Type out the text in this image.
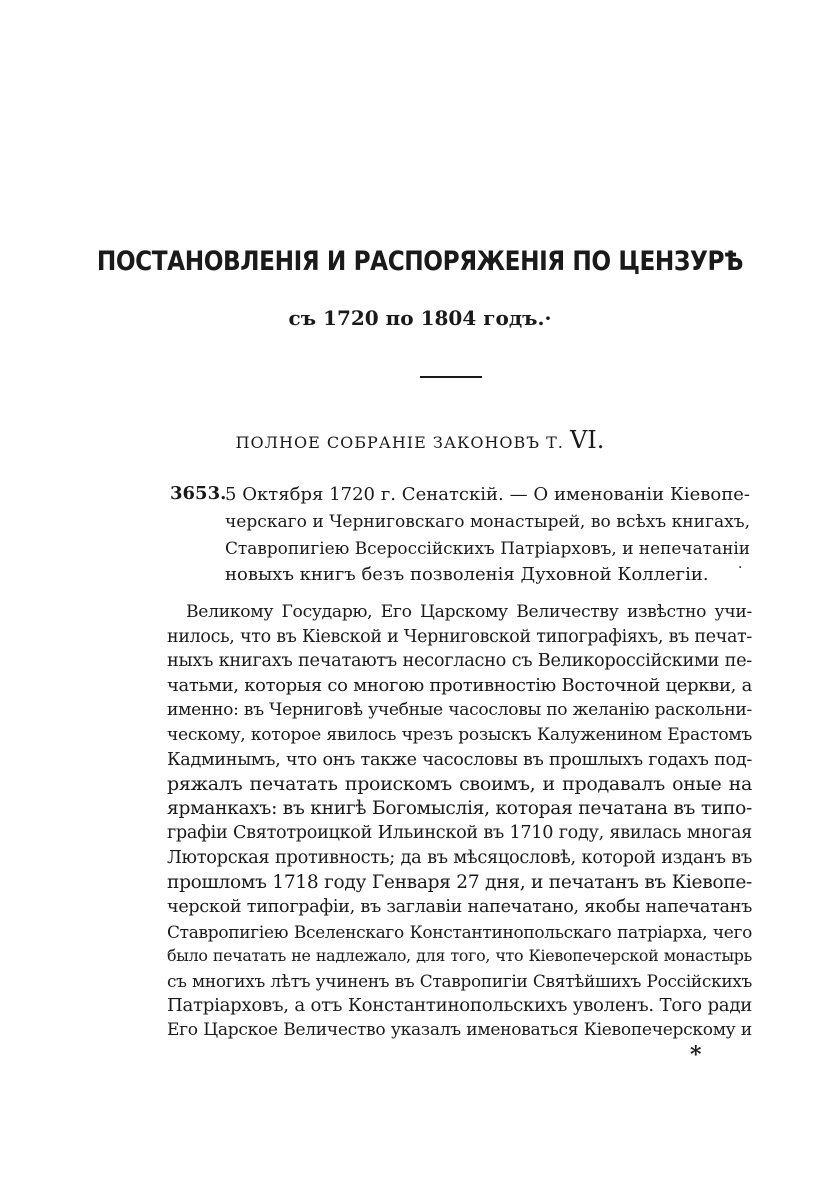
ПОСТАНОВЛЕНІЯ И РАСПОРЯЖЕНІЯ ПО ЦЕНЗУРѢ
съ 1720 по 1804 годъ.·
ПОЛНОЕ СОБРАНІЕ ЗАКОНОВЪ Т. VI.
3653.
5 Октября 1720 г. Сенатскій. — О именованіи Кіевопе-
черскаго и Черниговскаго монастырей, во всѣхъ книгахъ,
Ставропигіею Всероссійскихъ Патріарховъ, и непечатаніи
новыхъ книгъ безъ позволенія Духовной Коллегіи.	·
Великому Государю, Его Царскому Величеству извѣстно учи-
нилось, что въ Кіевской и Черниговской типографіяхъ, въ печат-
ныхъ книгахъ печатаютъ несогласно съ Великороссійскими пе-
чатьми, которыя со многою противностію Восточной церкви, а
именно: въ Черниговѣ учебные часословы по желанію раскольни-
ческому, которое явилось чрезъ розыскъ Калуженином Ерастомъ
Кадминымъ, что онъ также часословы въ прошлыхъ годахъ под-
ряжалъ печатать проискомъ своимъ, и продавалъ оные на
ярманкахъ: въ книгѣ Богомыслія, которая печатана въ типо-
графіи Святотроицкой Ильинской въ 1710 году, явилась многая
Люторская противность; да въ мѣсяцословѣ, которой изданъ въ
прошломъ 1718 году Генваря 27 дня, и печатанъ въ Кіевопе-
черской типографіи, въ заглавіи напечатано, якобы напечатанъ
Ставропигіею Вселенскаго Константинопольскаго патріарха, чего
было печатать не надлежало, для того, что Кіевопечерской монастырь
съ многихъ лѣтъ учиненъ въ Ставропигіи Святѣйшихъ Россійскихъ
Патріарховъ, а отъ Константинопольскихъ уволенъ. Того ради
Его Царское Величество указалъ именоваться Кіевопечерскому и
*
